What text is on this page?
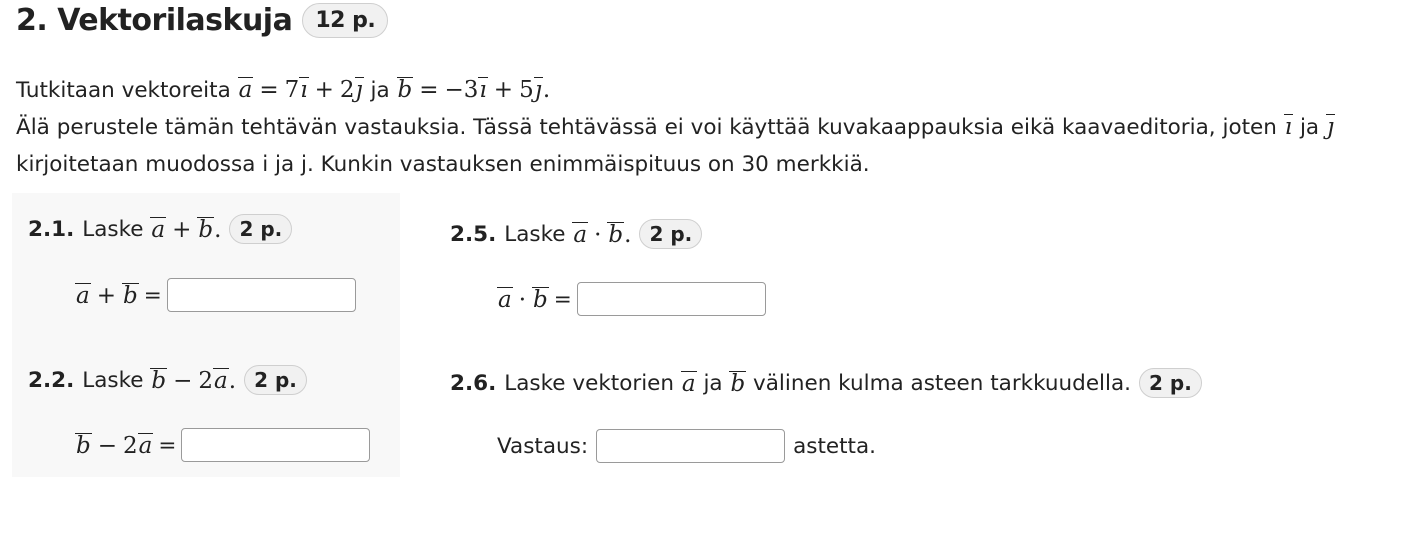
2. Vektorilaskuja	12 p.

Tutkitaan vektoreita a = 7ı + 2ȷ ja b = −3ı + 5ȷ.

Älä perustele tämän tehtävän vastauksia. Tässä tehtävässä ei voi käyttää kuvakaappauksia eikä kaavaeditoria, joten ı ja ȷ

kirjoitetaan muodossa i ja j. Kunkin vastauksen enimmäispituus on 30 merkkiä.

2.1. Laske
a + b. 2 p.
a + b =
2.2. Laske
b − 2a. 2 p.
b − 2a =
2.5. Laske
a · b. 2 p.
a · b =
2.6. Laske vektorien
a
ja
b
välinen kulma asteen tarkkuudella. 2 p.
Vastaus:	astetta.
